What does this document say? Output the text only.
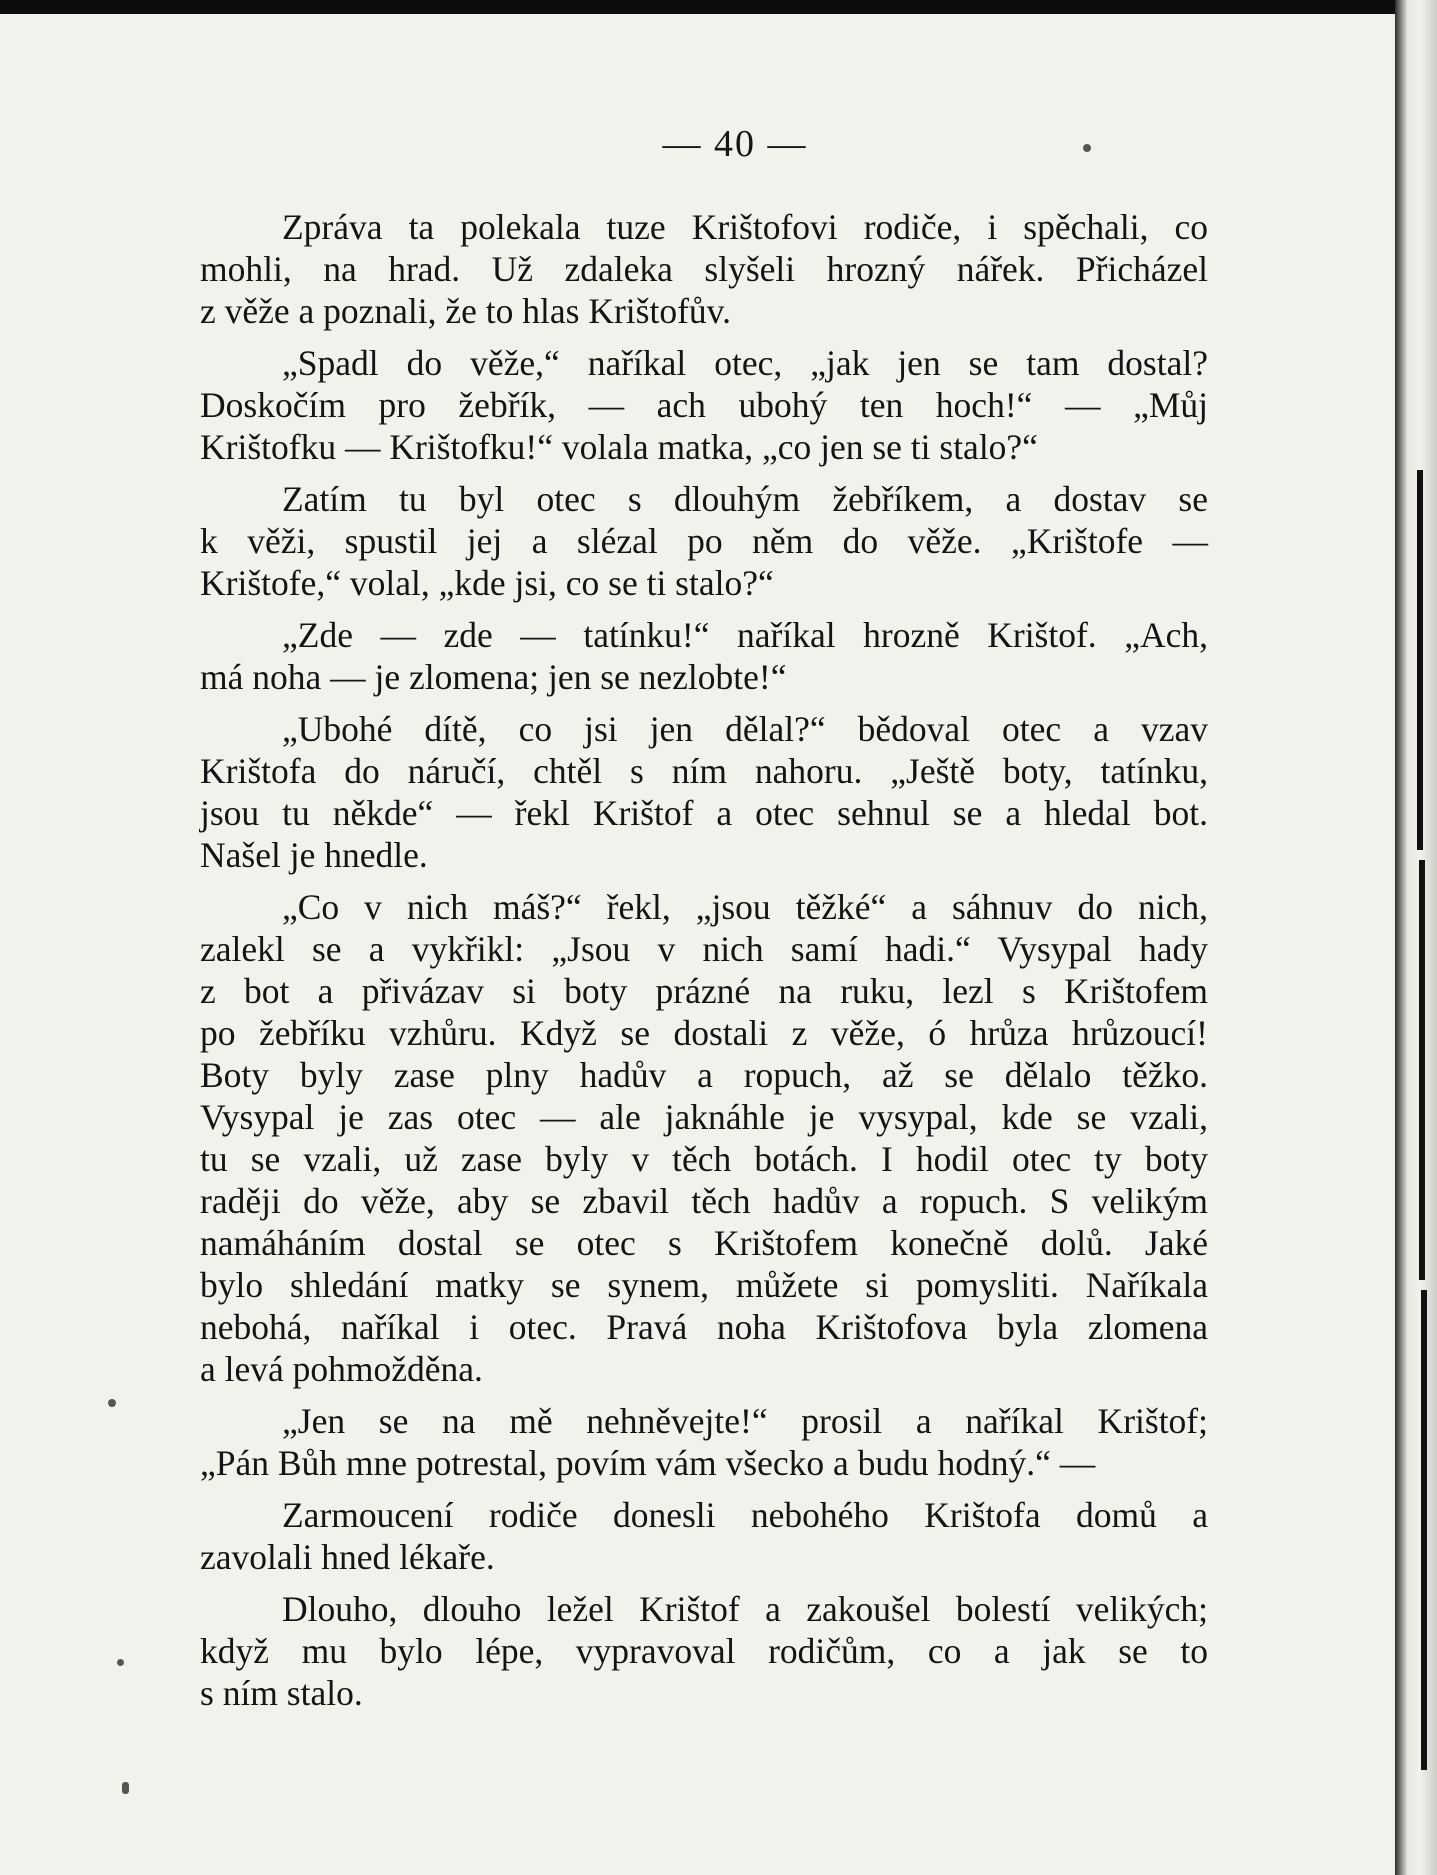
— 40 —

Zpráva ta polekala tuze Krištofovi rodiče, i spěchali, co
mohli, na hrad. Už zdaleka slyšeli hrozný nářek. Přicházel
z věže a poznali, že to hlas Krištofův.

„Spadl do věže,“ naříkal otec, „jak jen se tam dostal?
Doskočím pro žebřík, — ach ubohý ten hoch!“ — „Můj
Krištofku — Krištofku!“ volala matka, „co jen se ti stalo?“

Zatím tu byl otec s dlouhým žebříkem, a dostav se
k věži, spustil jej a slézal po něm do věže. „Krištofe —
Krištofe,“ volal, „kde jsi, co se ti stalo?“

„Zde — zde — tatínku!“ naříkal hrozně Krištof. „Ach,
má noha — je zlomena; jen se nezlobte!“

„Ubohé dítě, co jsi jen dělal?“ bědoval otec a vzav
Krištofa do náručí, chtěl s ním nahoru. „Ještě boty, tatínku,
jsou tu někde“ — řekl Krištof a otec sehnul se a hledal bot.
Našel je hnedle.

„Co v nich máš?“ řekl, „jsou těžké“ a sáhnuv do nich,
zalekl se a vykřikl: „Jsou v nich samí hadi.“ Vysypal hady
z bot a přivázav si boty prázné na ruku, lezl s Krištofem
po žebříku vzhůru. Když se dostali z věže, ó hrůza hrůzoucí!
Boty byly zase plny hadův a ropuch, až se dělalo těžko.
Vysypal je zas otec — ale jaknáhle je vysypal, kde se vzali,
tu se vzali, už zase byly v těch botách. I hodil otec ty boty
raději do věže, aby se zbavil těch hadův a ropuch. S velikým
namáháním dostal se otec s Krištofem konečně dolů. Jaké
bylo shledání matky se synem, můžete si pomysliti. Naříkala
nebohá, naříkal i otec. Pravá noha Krištofova byla zlomena
a levá pohmožděna.

„Jen se na mě nehněvejte!“ prosil a naříkal Krištof;
„Pán Bůh mne potrestal, povím vám všecko a budu hodný.“ —

Zarmoucení rodiče donesli nebohého Krištofa domů a
zavolali hned lékaře.

Dlouho, dlouho ležel Krištof a zakoušel bolestí velikých;
když mu bylo lépe, vypravoval rodičům, co a jak se to
s ním stalo.
